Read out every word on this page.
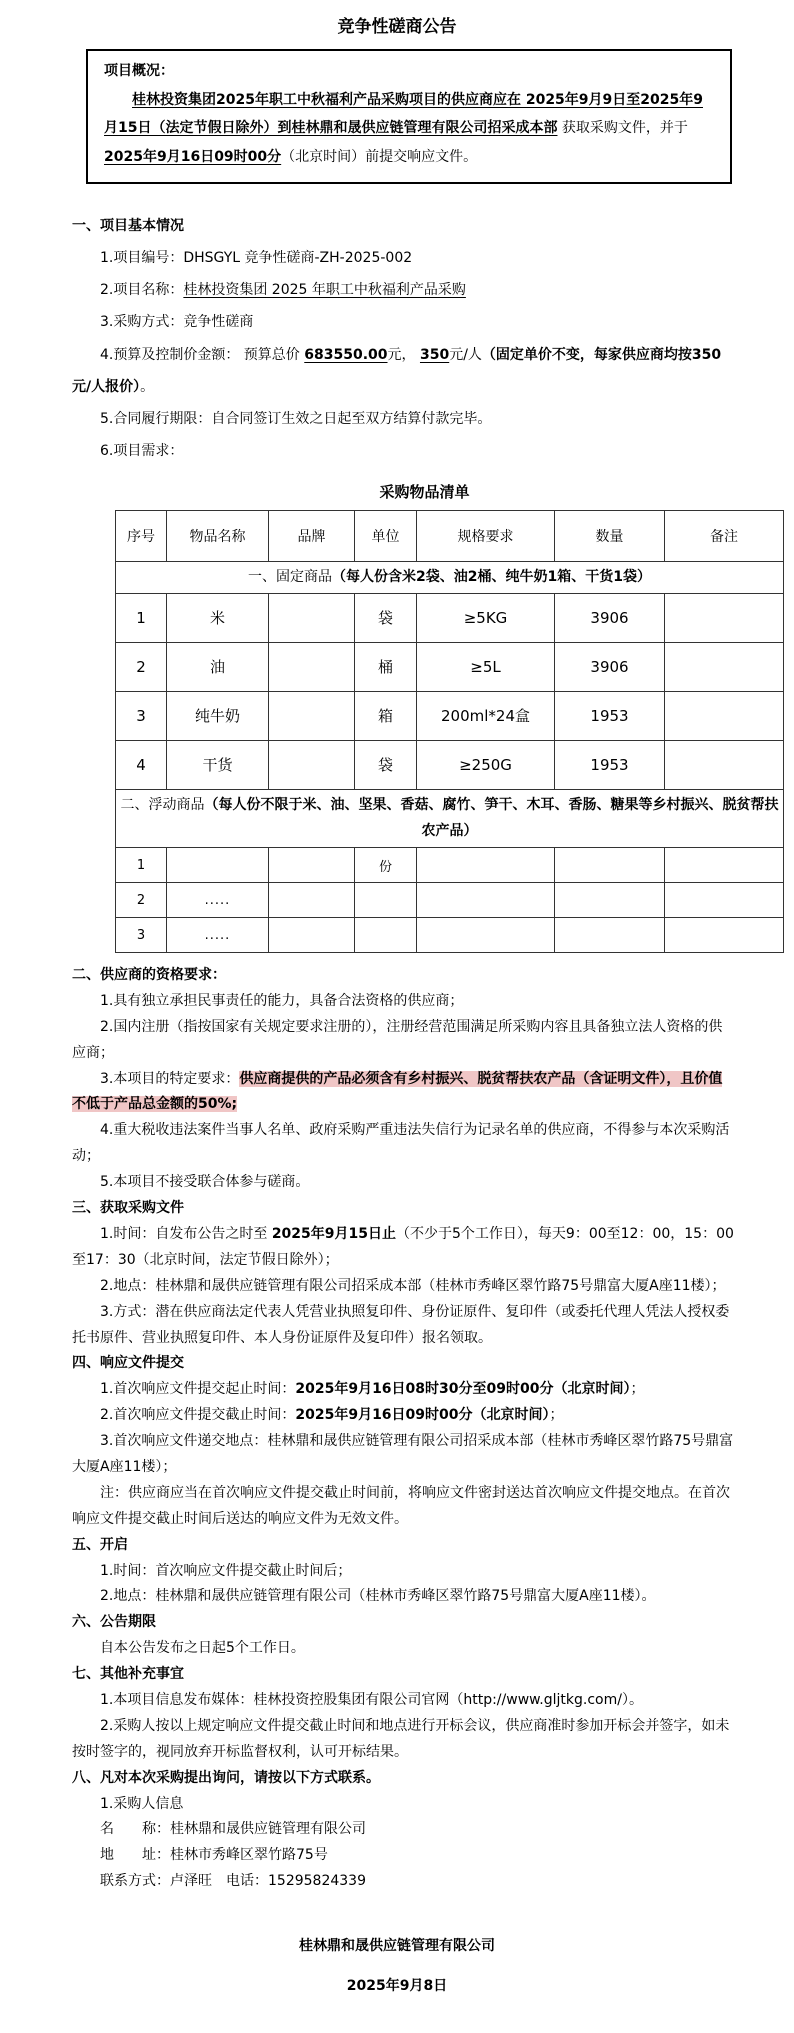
竞争性磋商公告

项目概况：

桂林投资集团2025年职工中秋福利产品采购项目的供应商应在 2025年9月9日至2025年9月15日（法定节假日除外）到桂林鼎和晟供应链管理有限公司招采成本部 获取采购文件，并于 2025年9月16日09时00分（北京时间）前提交响应文件。

一、项目基本情况

1.项目编号：DHSGYL 竞争性磋商-ZH-2025-002

2.项目名称：桂林投资集团 2025 年职工中秋福利产品采购

3.采购方式：竞争性磋商

4.预算及控制价金额： 预算总价 683550.00元， 350元/人（固定单价不变，每家供应商均按350元/人报价）。

5.合同履行期限：自合同签订生效之日起至双方结算付款完毕。

6.项目需求：

采购物品清单

序号	物品名称	品牌	单位	规格要求	数量	备注
一、固定商品（每人份含米2袋、油2桶、纯牛奶1箱、干货1袋）						
1	米		袋	≥5KG	3906	
2	油		桶	≥5L	3906	
3	纯牛奶		箱	200ml*24盒	1953	
4	干货		袋	≥250G	1953	
二、浮动商品（每人份不限于米、油、坚果、香菇、腐竹、笋干、木耳、香肠、糖果等乡村振兴、脱贫帮扶农产品）						
1			份			
2	.....					
3	.....					

二、供应商的资格要求：

1.具有独立承担民事责任的能力，具备合法资格的供应商；

2.国内注册（指按国家有关规定要求注册的），注册经营范围满足所采购内容且具备独立法人资格的供应商；

3.本项目的特定要求：供应商提供的产品必须含有乡村振兴、脱贫帮扶农产品（含证明文件），且价值不低于产品总金额的50%;

4.重大税收违法案件当事人名单、政府采购严重违法失信行为记录名单的供应商，不得参与本次采购活动；

5.本项目不接受联合体参与磋商。

三、获取采购文件

1.时间：自发布公告之时至 2025年9月15日止（不少于5个工作日），每天9：00至12：00，15：00至17：30（北京时间，法定节假日除外）；

2.地点：桂林鼎和晟供应链管理有限公司招采成本部（桂林市秀峰区翠竹路75号鼎富大厦A座11楼）；

3.方式：潜在供应商法定代表人凭营业执照复印件、身份证原件、复印件（或委托代理人凭法人授权委托书原件、营业执照复印件、本人身份证原件及复印件）报名领取。

四、响应文件提交

1.首次响应文件提交起止时间：2025年9月16日08时30分至09时00分（北京时间）；

2.首次响应文件提交截止时间：2025年9月16日09时00分（北京时间）；

3.首次响应文件递交地点：桂林鼎和晟供应链管理有限公司招采成本部（桂林市秀峰区翠竹路75号鼎富大厦A座11楼）；

注：供应商应当在首次响应文件提交截止时间前，将响应文件密封送达首次响应文件提交地点。在首次响应文件提交截止时间后送达的响应文件为无效文件。

五、开启

1.时间：首次响应文件提交截止时间后；

2.地点：桂林鼎和晟供应链管理有限公司（桂林市秀峰区翠竹路75号鼎富大厦A座11楼）。

六、公告期限

自本公告发布之日起5个工作日。

七、其他补充事宜

1.本项目信息发布媒体：桂林投资控股集团有限公司官网（http://www.gljtkg.com/）。

2.采购人按以上规定响应文件提交截止时间和地点进行开标会议，供应商准时参加开标会并签字，如未按时签字的，视同放弃开标监督权利，认可开标结果。

八、凡对本次采购提出询问，请按以下方式联系。

1.采购人信息

名　　称：桂林鼎和晟供应链管理有限公司

地　　址：桂林市秀峰区翠竹路75号

联系方式：卢泽旺　电话：15295824339

桂林鼎和晟供应链管理有限公司

2025年9月8日
